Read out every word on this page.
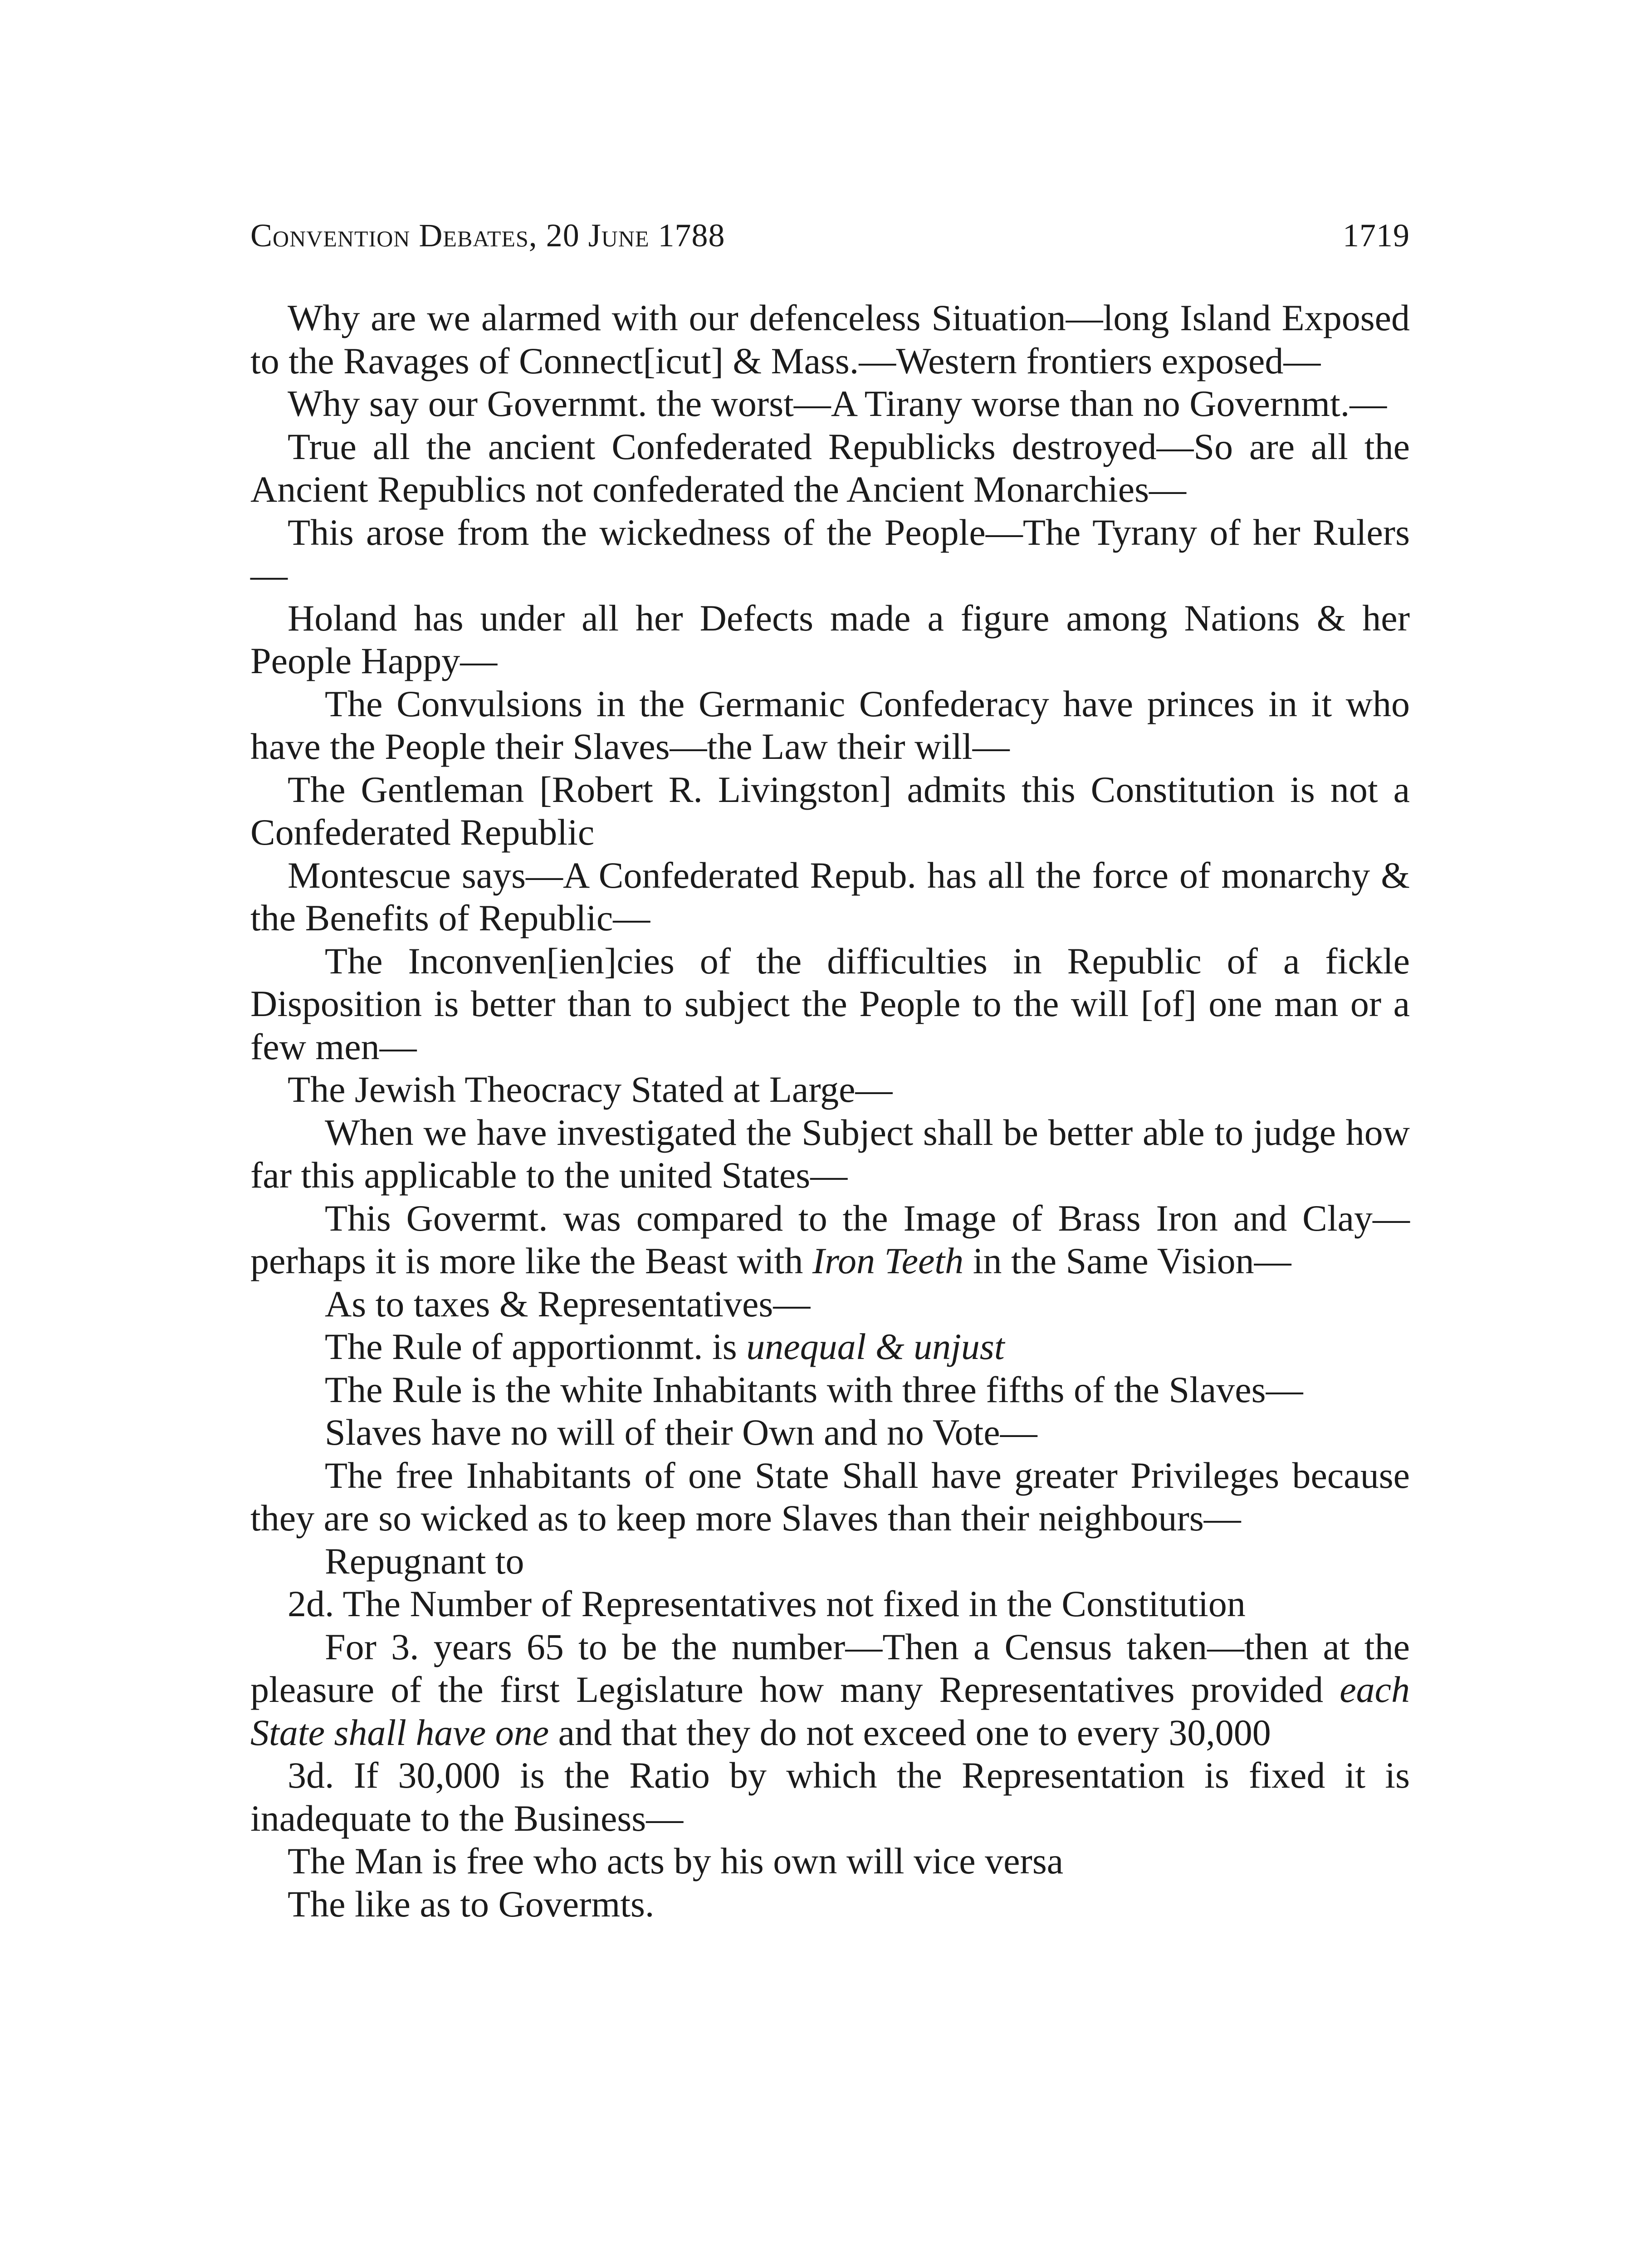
Convention Debates, 20 June 1788	1719

Why are we alarmed with our defenceless Situation—long Island Exposed to the Ravages of Connect[icut] & Mass.—Western frontiers exposed—

Why say our Governmt. the worst—A Tirany worse than no Governmt.—

True all the ancient Confederated Republicks destroyed—So are all the Ancient Republics not confederated the Ancient Monarchies—

This arose from the wickedness of the People—The Tyrany of her Rulers—

Holand has under all her Defects made a figure among Nations & her People Happy—

The Convulsions in the Germanic Confederacy have princes in it who have the People their Slaves—the Law their will—

The Gentleman [Robert R. Livingston] admits this Constitution is not a Confederated Republic

Montescue says—A Confederated Repub. has all the force of monarchy & the Benefits of Republic—

The Inconven[ien]cies of the difficulties in Republic of a fickle Disposition is better than to subject the People to the will [of] one man or a few men—

The Jewish Theocracy Stated at Large—

When we have investigated the Subject shall be better able to judge how far this applicable to the united States—

This Govermt. was compared to the Image of Brass Iron and Clay—perhaps it is more like the Beast with Iron Teeth in the Same Vision—

As to taxes & Representatives—

The Rule of apportionmt. is unequal & unjust

The Rule is the white Inhabitants with three fifths of the Slaves—

Slaves have no will of their Own and no Vote—

The free Inhabitants of one State Shall have greater Privileges because they are so wicked as to keep more Slaves than their neighbours—

Repugnant to

2d. The Number of Representatives not fixed in the Constitution

For 3. years 65 to be the number—Then a Census taken—then at the pleasure of the first Legislature how many Representatives provided each State shall have one and that they do not exceed one to every 30,000

3d. If 30,000 is the Ratio by which the Representation is fixed it is inadequate to the Business—

The Man is free who acts by his own will vice versa

The like as to Govermts.
